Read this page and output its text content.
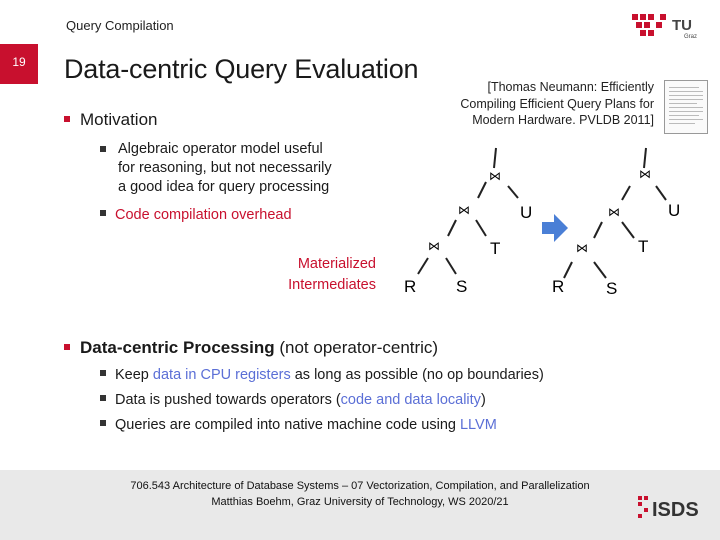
Query Compilation	TU
Graz
19	Data-centric Query Evaluation
[Thomas Neumann: Efficiently
Compiling Efficient Query Plans for
Modern Hardware. PVLDB 2011]
Motivation
Algebraic operator model useful
for reasoning, but not necessarily
a good idea for query processing
Code compilation overhead
Materialized
Intermediates
⋈
⋈
⋈
U
T
R S
⋈
⋈
⋈
U
T
R S
Data-centric Processing (not operator-centric)
Keep data in CPU registers as long as possible (no op boundaries)
Data is pushed towards operators (code and data locality)
Queries are compiled into native machine code using LLVM
706.543 Architecture of Database Systems – 07 Vectorization, Compilation, and Parallelization
Matthias Boehm, Graz University of Technology, WS 2020/21	ISDS
